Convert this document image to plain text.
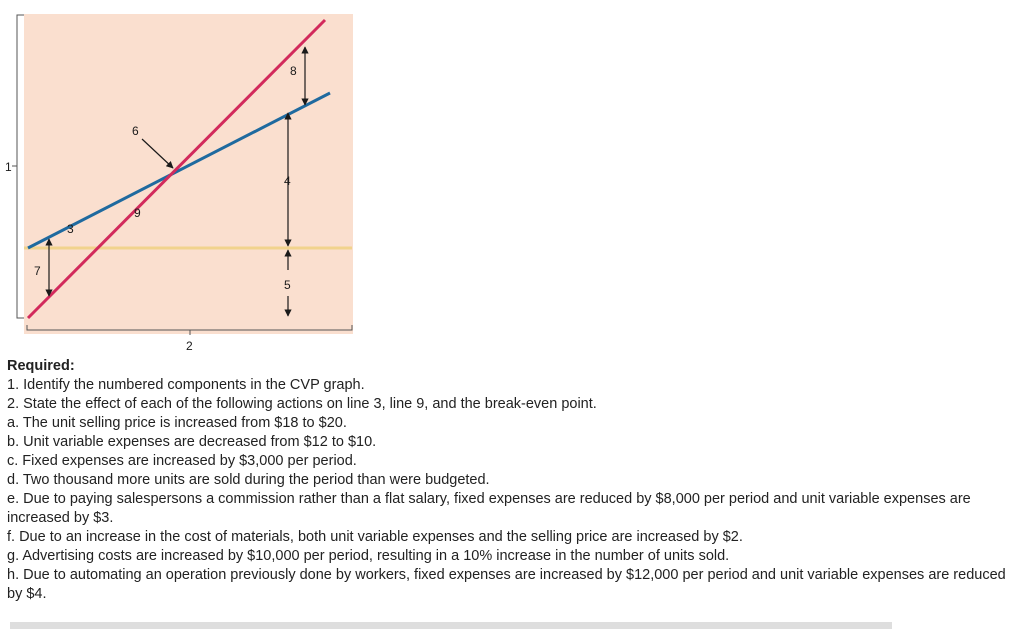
1
2
3
4
5
6
7
8
9

Required:

1. Identify the numbered components in the CVP graph.

2. State the effect of each of the following actions on line 3, line 9, and the break-even point.

a. The unit selling price is increased from $18 to $20.

b. Unit variable expenses are decreased from $12 to $10.

c. Fixed expenses are increased by $3,000 per period.

d. Two thousand more units are sold during the period than were budgeted.

e. Due to paying salespersons a commission rather than a flat salary, fixed expenses are reduced by $8,000 per period and unit variable expenses are increased by $3.

f. Due to an increase in the cost of materials, both unit variable expenses and the selling price are increased by $2.

g. Advertising costs are increased by $10,000 per period, resulting in a 10% increase in the number of units sold.

h. Due to automating an operation previously done by workers, fixed expenses are increased by $12,000 per period and unit variable expenses are reduced by $4.
